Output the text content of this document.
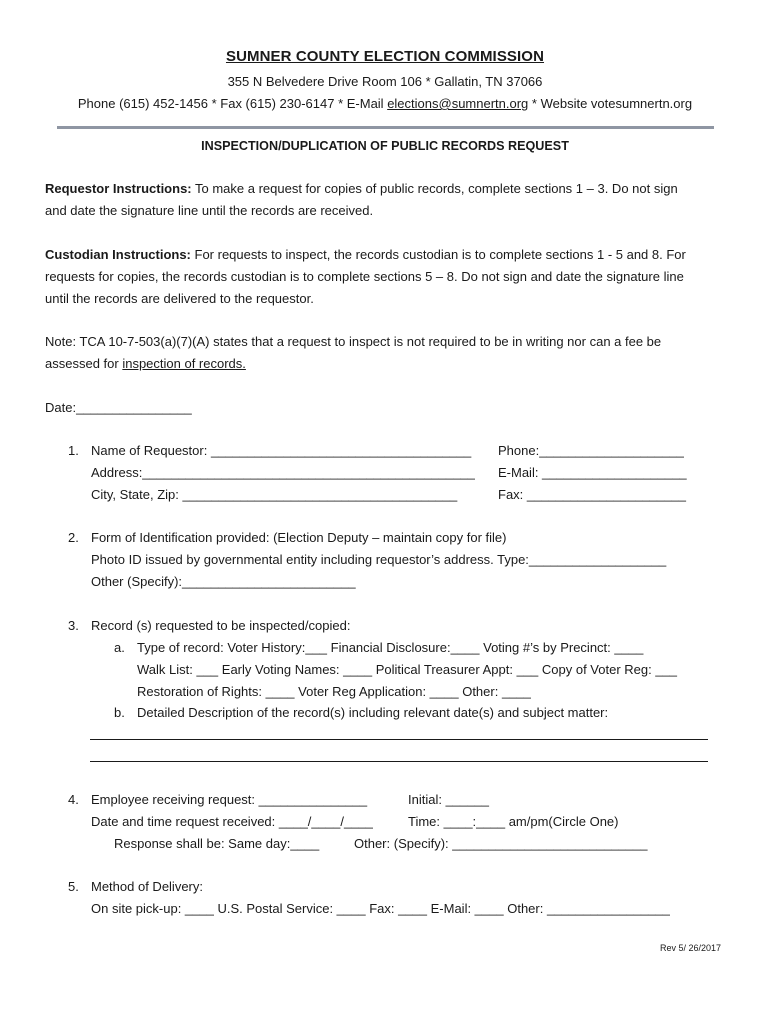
SUMNER COUNTY ELECTION COMMISSION
355 N Belvedere Drive Room 106 * Gallatin, TN 37066
Phone (615) 452-1456 * Fax (615) 230-6147 * E-Mail elections@sumnertn.org * Website votesumnertn.org
INSPECTION/DUPLICATION OF PUBLIC RECORDS REQUEST
Requestor Instructions: To make a request for copies of public records, complete sections 1 – 3. Do not sign
and date the signature line until the records are received.
Custodian Instructions: For requests to inspect, the records custodian is to complete sections 1 - 5 and 8. For
requests for copies, the records custodian is to complete sections 5 – 8. Do not sign and date the signature line
until the records are delivered to the requestor.
Note: TCA 10-7-503(a)(7)(A) states that a request to inspect is not required to be in writing nor can a fee be
assessed for inspection of records.
Date:________________
1. Name of Requestor: ____________________________________ Phone:____________________
Address:______________________________________________ E-Mail: ____________________
City, State, Zip: ______________________________________	Fax: ______________________
2. Form of Identification provided: (Election Deputy – maintain copy for file)
Photo ID issued by governmental entity including requestor’s address. Type:___________________
Other (Specify):________________________
3. Record (s) requested to be inspected/copied:
a. Type of record: Voter History:___ Financial Disclosure:____ Voting #’s by Precinct: ____
Walk List: ___ Early Voting Names: ____ Political Treasurer Appt: ___ Copy of Voter Reg: ___
Restoration of Rights: ____ Voter Reg Application: ____ Other: ____
b. Detailed Description of the record(s) including relevant date(s) and subject matter:
4. Employee receiving request: _______________	Initial: ______
Date and time request received: ____/____/____	Time: ____:____ am/pm(Circle One)
Response shall be: Same day:____	Other: (Specify): ___________________________
5. Method of Delivery:
On site pick-up: ____ U.S. Postal Service: ____ Fax: ____ E-Mail: ____ Other: _________________
Rev 5/ 26/2017
